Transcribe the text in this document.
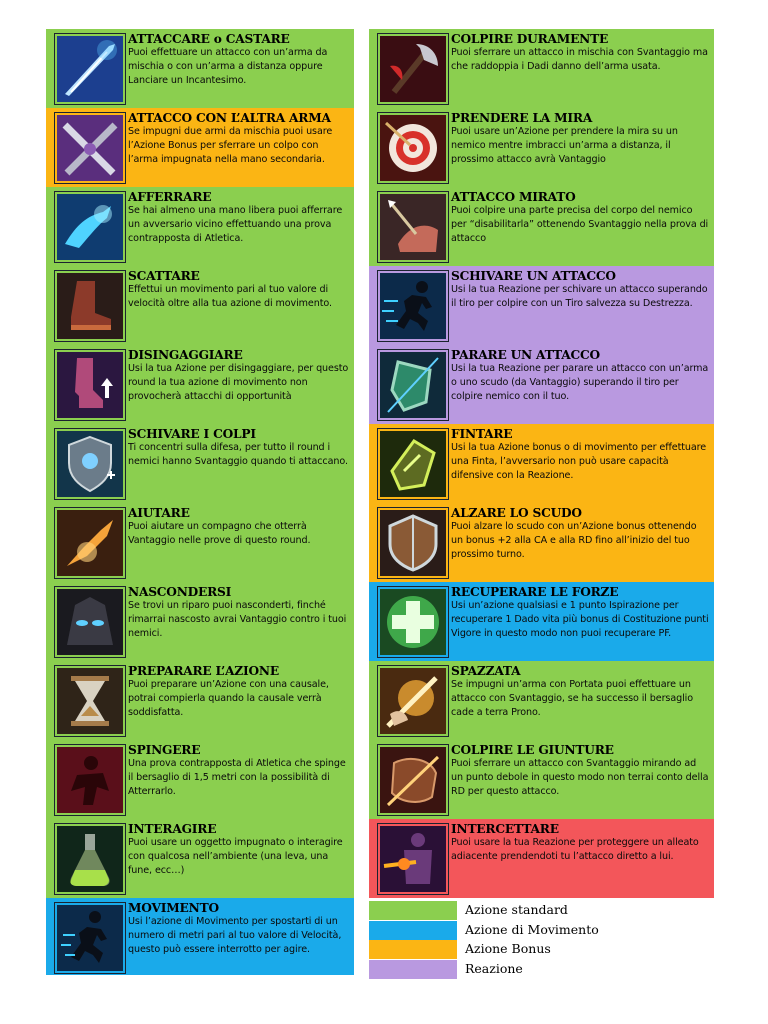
ATTACCARE o CASTARE
Puoi effettuare un attacco con un’arma da mischia o con un’arma a distanza oppure Lanciare un Incantesimo.
ATTACCO CON L’ALTRA ARMA
Se impugni due armi da mischia puoi usare l’Azione Bonus per sferrare un colpo con l’arma impugnata nella mano secondaria.
AFFERRARE
Se hai almeno una mano libera puoi afferrare un avversario vicino effettuando una prova contrapposta di Atletica.
SCATTARE
Effettui un movimento pari al tuo valore di velocità oltre alla tua azione di movimento.
DISINGAGGIARE
Usi la tua Azione per disingaggiare, per questo round la tua azione di movimento non provocherà attacchi di opportunità
SCHIVARE I COLPI
Ti concentri sulla difesa, per tutto il round i nemici hanno Svantaggio quando ti attaccano.
AIUTARE
Puoi aiutare un compagno che otterrà Vantaggio nelle prove di questo round.
NASCONDERSI
Se trovi un riparo puoi nasconderti, finché rimarrai nascosto avrai Vantaggio contro i tuoi nemici.
PREPARARE L’AZIONE
Puoi preparare un’Azione con una causale, potrai compierla quando la causale verrà soddisfatta.
SPINGERE
Una prova contrapposta di Atletica che spinge il bersaglio di 1,5 metri con la possibilità di Atterrarlo.
INTERAGIRE
Puoi usare un oggetto impugnato o interagire con qualcosa nell’ambiente (una leva, una fune, ecc…)
MOVIMENTO
Usi l’azione di Movimento per spostarti di un numero di metri pari al tuo valore di Velocità, questo può essere interrotto per agire.
COLPIRE DURAMENTE
Puoi sferrare un attacco in mischia con Svantaggio ma che raddoppia i Dadi danno dell’arma usata.
PRENDERE LA MIRA
Puoi usare un’Azione per prendere la mira su un nemico mentre imbracci un’arma a distanza, il prossimo attacco avrà Vantaggio
ATTACCO MIRATO
Puoi colpire una parte precisa del corpo del nemico per “disabilitarla” ottenendo Svantaggio nella prova di attacco
SCHIVARE UN ATTACCO
Usi la tua Reazione per schivare un attacco superando il tiro per colpire con un Tiro salvezza su Destrezza.
PARARE UN ATTACCO
Usi la tua Reazione per parare un attacco con un’arma o uno scudo (da Vantaggio) superando il tiro per colpire nemico con il tuo.
FINTARE
Usi la tua Azione bonus o di movimento per effettuare una Finta, l’avversario non può usare capacità difensive con la Reazione.
ALZARE LO SCUDO
Puoi alzare lo scudo con un’Azione bonus ottenendo un bonus +2 alla CA e alla RD fino all’inizio del tuo prossimo turno.
RECUPERARE LE FORZE
Usi un’azione qualsiasi e 1 punto Ispirazione per recuperare 1 Dado vita più bonus di Costituzione punti Vigore in questo modo non puoi recuperare PF.
SPAZZATA
Se impugni un’arma con Portata puoi effettuare un attacco con Svantaggio, se ha successo il bersaglio cade a terra Prono.
COLPIRE LE GIUNTURE
Puoi sferrare un attacco con Svantaggio mirando ad un punto debole in questo modo non terrai conto della RD per questo attacco.
INTERCETTARE
Puoi usare la tua Reazione per proteggere un alleato adiacente prendendoti tu l’attacco diretto a lui.
Azione standard
Azione di Movimento
Azione Bonus
Reazione
